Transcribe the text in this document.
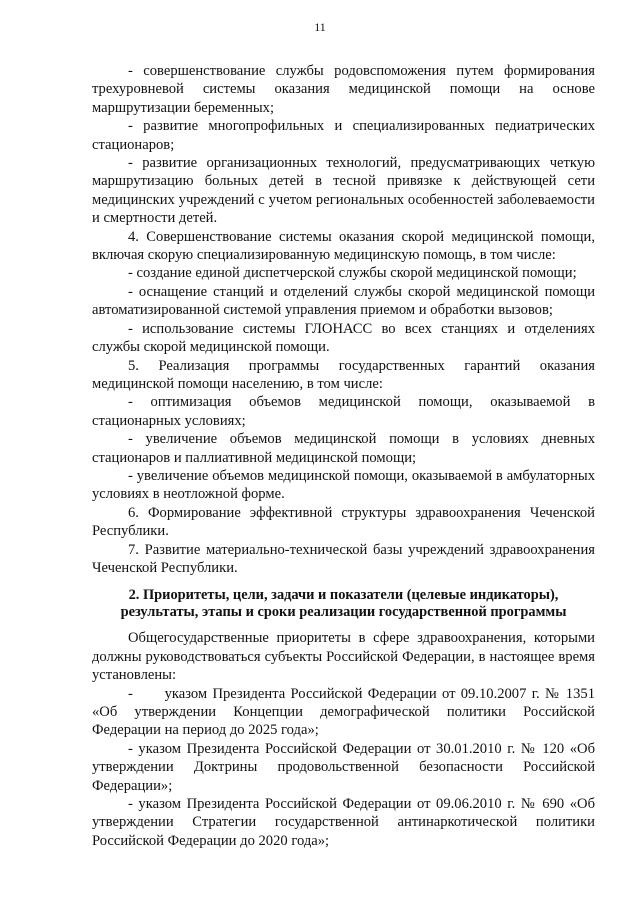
11

- совершенствование службы родовспоможения путем формирования трехуровневой системы оказания медицинской помощи на основе маршрутизации беременных;

- развитие многопрофильных и специализированных педиатрических стационаров;

- развитие организационных технологий, предусматривающих четкую маршрутизацию больных детей в тесной привязке к действующей сети медицинских учреждений с учетом региональных особенностей заболеваемости и смертности детей.

4. Совершенствование системы оказания скорой медицинской помощи, включая скорую специализированную медицинскую помощь, в том числе:

- создание единой диспетчерской службы скорой медицинской помощи;

- оснащение станций и отделений службы скорой медицинской помощи автоматизированной системой управления приемом и обработки вызовов;

- использование системы ГЛОНАСС во всех станциях и отделениях службы скорой медицинской помощи.

5. Реализация программы государственных гарантий оказания медицинской помощи населению, в том числе:

- оптимизация объемов медицинской помощи, оказываемой в стационарных условиях;

- увеличение объемов медицинской помощи в условиях дневных стационаров и паллиативной медицинской помощи;

- увеличение объемов медицинской помощи, оказываемой в амбулаторных условиях в неотложной форме.

6. Формирование эффективной структуры здравоохранения Чеченской Республики.

7. Развитие материально-технической базы учреждений здравоохранения Чеченской Республики.

2. Приоритеты, цели, задачи и показатели (целевые индикаторы), результаты, этапы и сроки реализации государственной программы

Общегосударственные приоритеты в сфере здравоохранения, которыми должны руководствоваться субъекты Российской Федерации, в настоящее время установлены:

-      указом Президента Российской Федерации от 09.10.2007 г. № 1351 «Об утверждении Концепции демографической политики Российской Федерации на период до 2025 года»;

- указом Президента Российской Федерации от 30.01.2010 г. № 120 «Об утверждении Доктрины продовольственной безопасности Российской Федерации»;

- указом Президента Российской Федерации от 09.06.2010 г. № 690 «Об утверждении Стратегии государственной антинаркотической политики Российской Федерации до 2020 года»;
